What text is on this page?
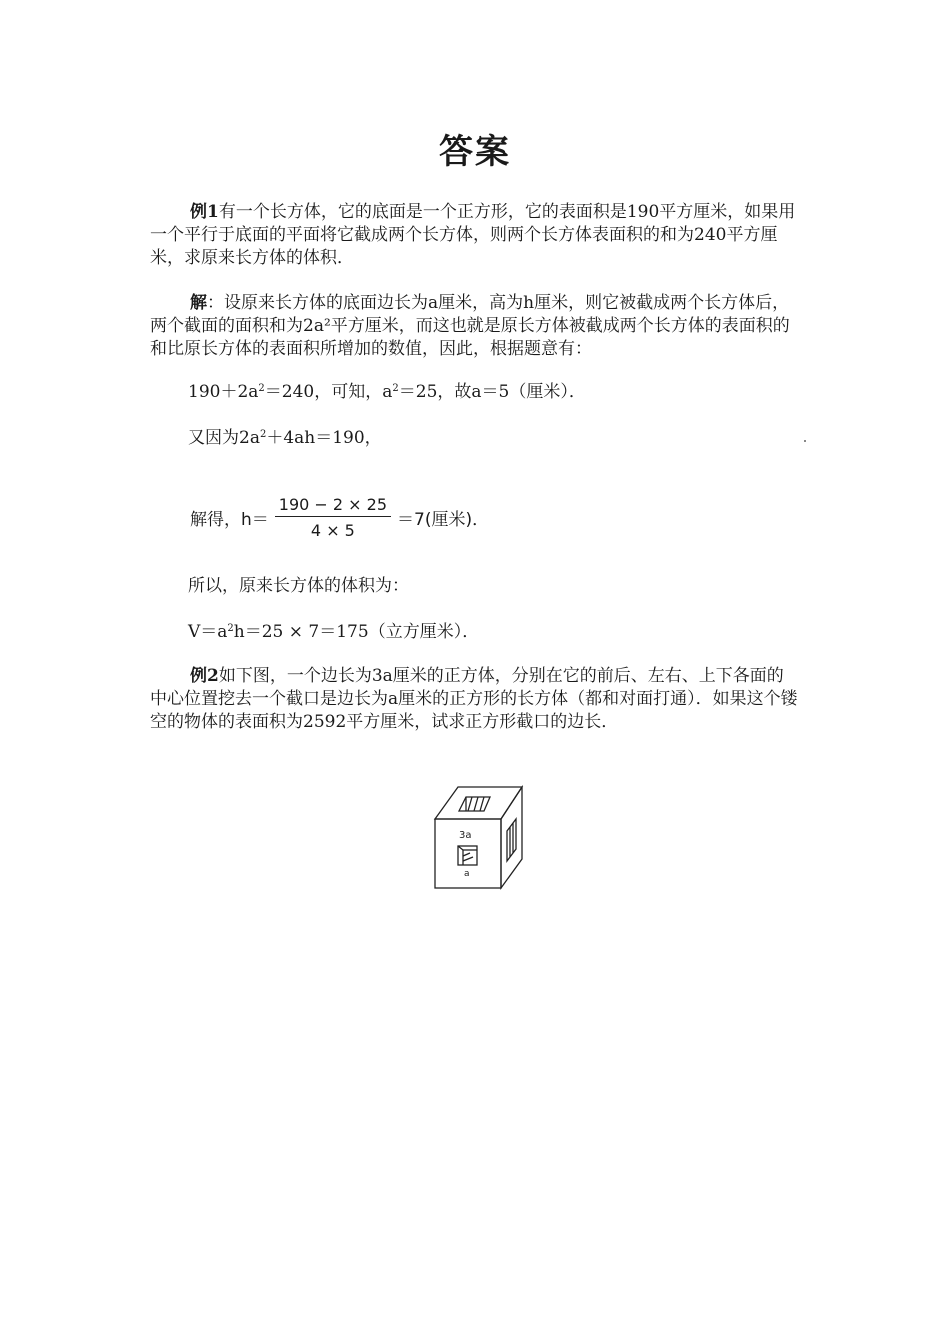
答案

例1有一个长方体，它的底面是一个正方形，它的表面积是190平方厘米，如果用一个平行于底面的平面将它截成两个长方体，则两个长方体表面积的和为240平方厘米，求原来长方体的体积．

解：设原来长方体的底面边长为a厘米，高为h厘米，则它被截成两个长方体后，两个截面的面积和为2a²平方厘米，而这也就是原长方体被截成两个长方体的表面积的和比原长方体的表面积所增加的数值，因此，根据题意有：

$190+2a^2=240$，可知，$a^2=25$，故a＝5（厘米）．
又因为$2a^2+4ah=190$，
解得，$h= \frac{190 - 2 \times 25}{4 \times 5} =7$(厘米)．
所以，原来长方体的体积为：
$V=a^2h=25 \times 7=175$（立方厘米）．

例2如下图，一个边长为3a厘米的正方体，分别在它的前后、左右、上下各面的中心位置挖去一个截口是边长为a厘米的正方形的长方体（都和对面打通）．如果这个镂空的物体的表面积为2592平方厘米，试求正方形截口的边长．

3a
a
